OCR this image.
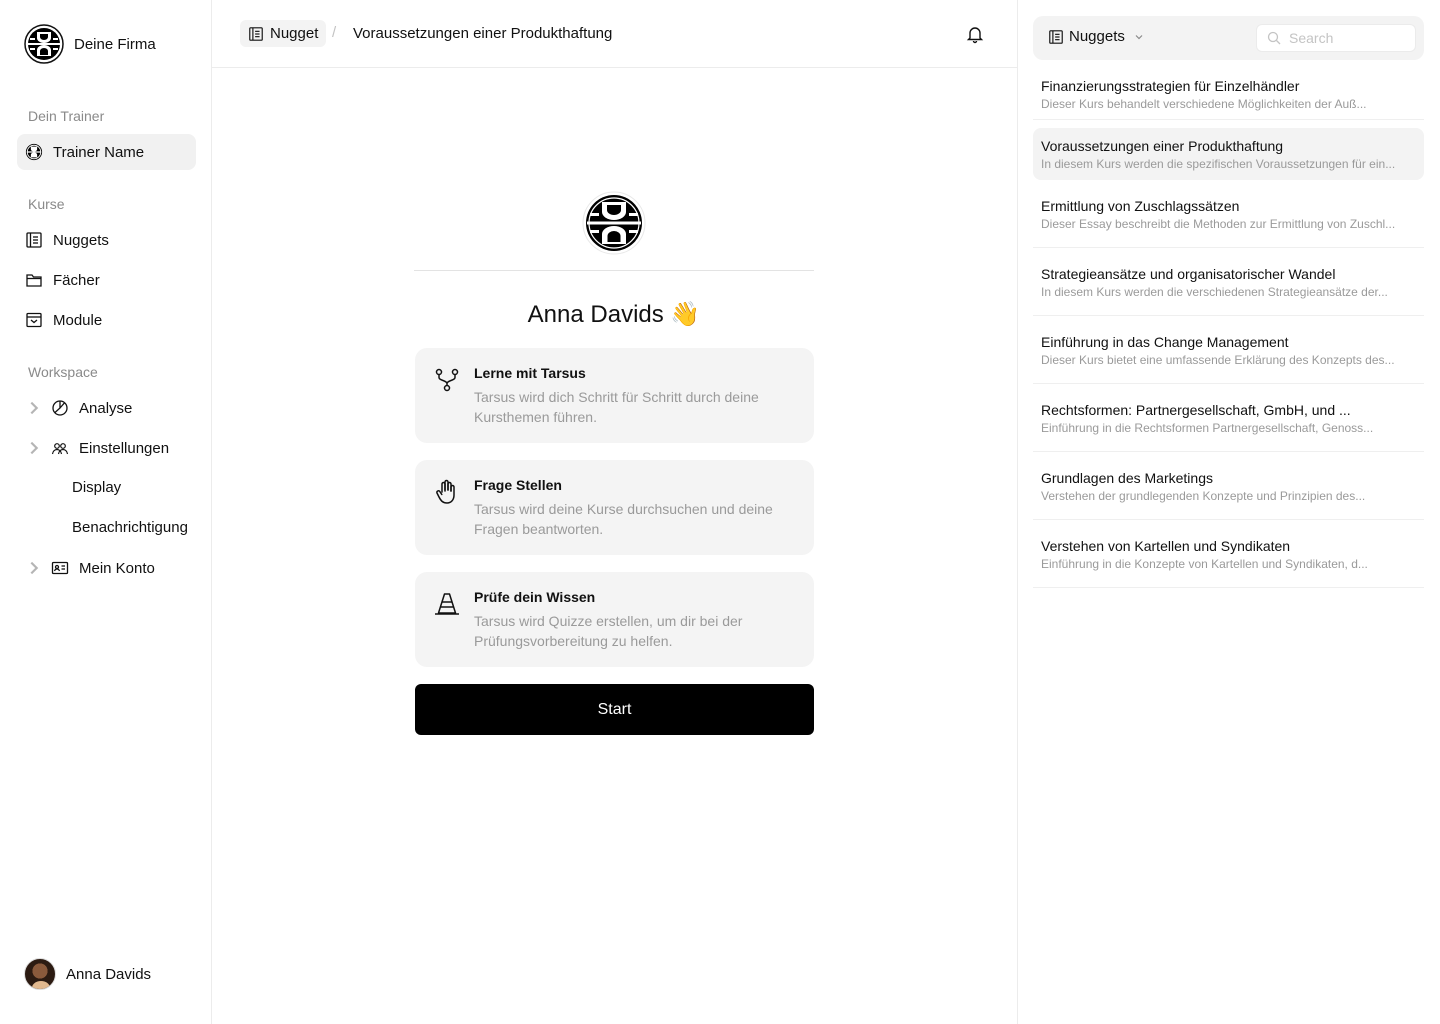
Deine Firma
Dein Trainer
Trainer Name
Kurse
Nuggets
Fächer
Module
Workspace
Analyse
Einstellungen
Display
Benachrichtigung
Mein Konto
Anna Davids
Nugget / Voraussetzungen einer Produkthaftung
Anna Davids 👋
Lerne mit Tarsus
Tarsus wird dich Schritt für Schritt durch deine Kursthemen führen.
Frage Stellen
Tarsus wird deine Kurse durchsuchen und deine Fragen beantworten.
Prüfe dein Wissen
Tarsus wird Quizze erstellen, um dir bei der Prüfungsvorbereitung zu helfen.
Start
Nuggets
Search
Finanzierungsstrategien für Einzelhändler
Dieser Kurs behandelt verschiedene Möglichkeiten der Auß...
Voraussetzungen einer Produkthaftung
In diesem Kurs werden die spezifischen Voraussetzungen für ein...
Ermittlung von Zuschlagssätzen
Dieser Essay beschreibt die Methoden zur Ermittlung von Zuschl...
Strategieansätze und organisatorischer Wandel
In diesem Kurs werden die verschiedenen Strategieansätze der...
Einführung in das Change Management
Dieser Kurs bietet eine umfassende Erklärung des Konzepts des...
Rechtsformen: Partnergesellschaft, GmbH, und ...
Einführung in die Rechtsformen Partnergesellschaft, Genoss...
Grundlagen des Marketings
Verstehen der grundlegenden Konzepte und Prinzipien des...
Verstehen von Kartellen und Syndikaten
Einführung in die Konzepte von Kartellen und Syndikaten, d...
